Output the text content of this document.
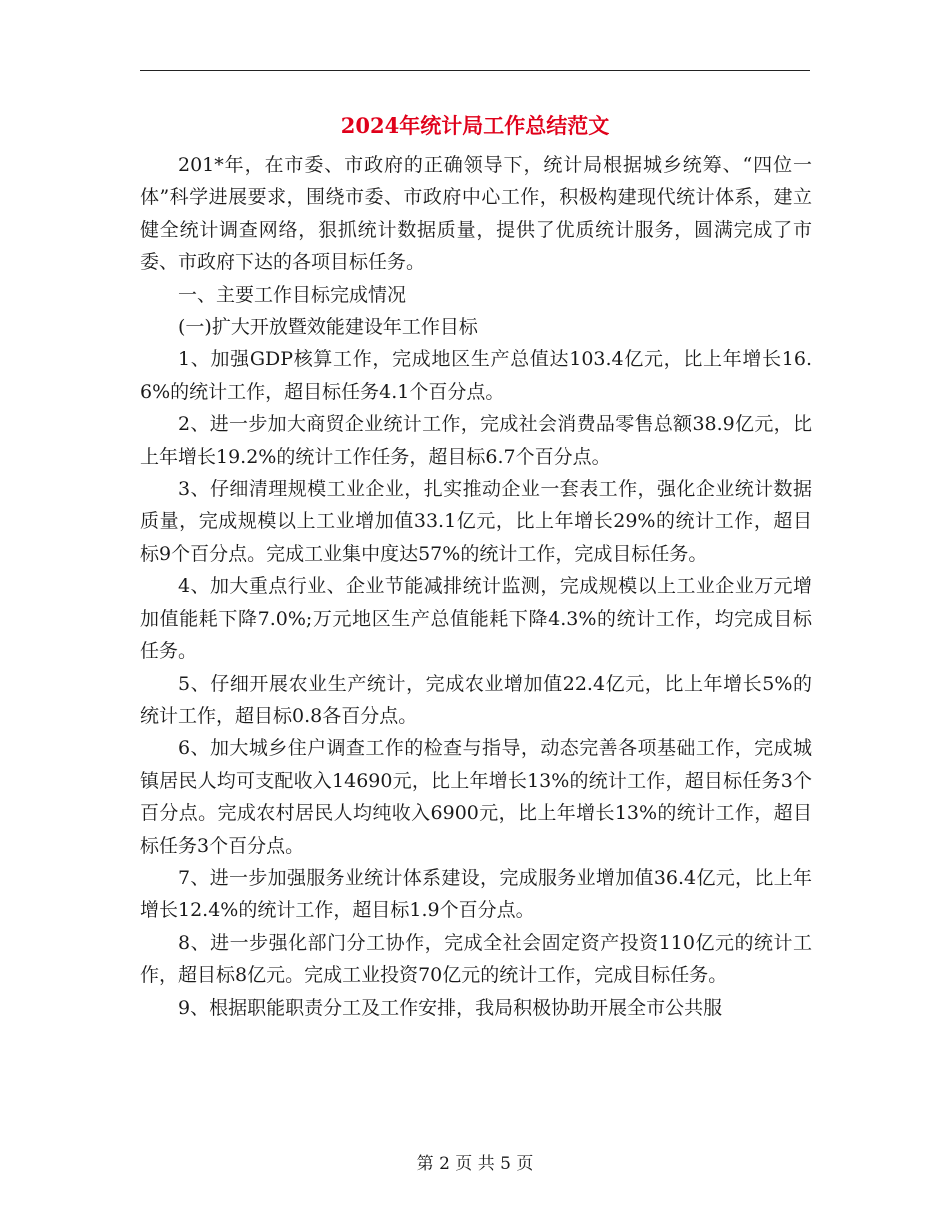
2024年统计局工作总结范文

201*年，在市委、市政府的正确领导下，统计局根据城乡统筹、“四位一体”科学进展要求，围绕市委、市政府中心工作，积极构建现代统计体系，建立健全统计调查网络，狠抓统计数据质量，提供了优质统计服务，圆满完成了市委、市政府下达的各项目标任务。

一、主要工作目标完成情况

(一)扩大开放暨效能建设年工作目标

1、加强GDP核算工作，完成地区生产总值达103.4亿元，比上年增长16.6%的统计工作，超目标任务4.1个百分点。

2、进一步加大商贸企业统计工作，完成社会消费品零售总额38.9亿元，比上年增长19.2%的统计工作任务，超目标6.7个百分点。

3、仔细清理规模工业企业，扎实推动企业一套表工作，强化企业统计数据质量，完成规模以上工业增加值33.1亿元，比上年增长29%的统计工作，超目标9个百分点。完成工业集中度达57%的统计工作，完成目标任务。

4、加大重点行业、企业节能减排统计监测，完成规模以上工业企业万元增加值能耗下降7.0%;万元地区生产总值能耗下降4.3%的统计工作，均完成目标任务。

5、仔细开展农业生产统计，完成农业增加值22.4亿元，比上年增长5%的统计工作，超目标0.8各百分点。

6、加大城乡住户调查工作的检查与指导，动态完善各项基础工作，完成城镇居民人均可支配收入14690元，比上年增长13%的统计工作，超目标任务3个百分点。完成农村居民人均纯收入6900元，比上年增长13%的统计工作，超目标任务3个百分点。

7、进一步加强服务业统计体系建设，完成服务业增加值36.4亿元，比上年增长12.4%的统计工作，超目标1.9个百分点。

8、进一步强化部门分工协作，完成全社会固定资产投资110亿元的统计工作，超目标8亿元。完成工业投资70亿元的统计工作，完成目标任务。

9、根据职能职责分工及工作安排，我局积极协助开展全市公共服

第 2 页 共 5 页
